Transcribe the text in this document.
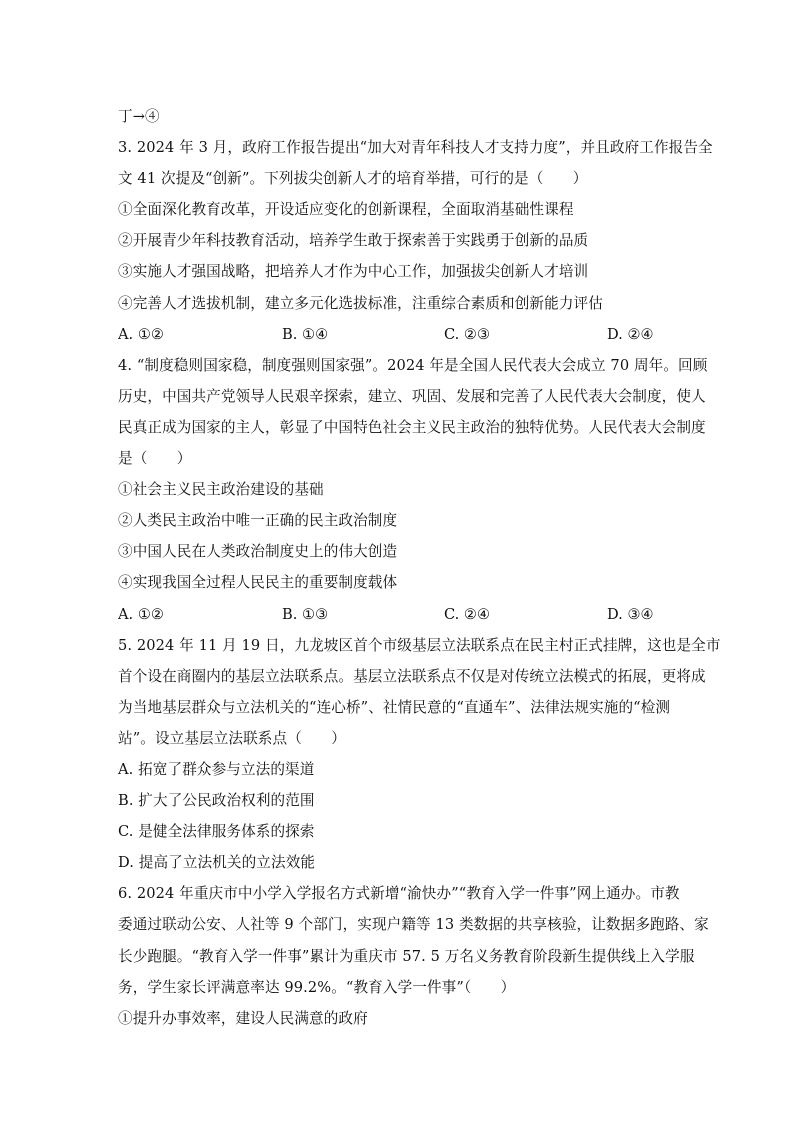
丁→④
3. 2024 年 3 月，政府工作报告提出“加大对青年科技人才支持力度”，并且政府工作报告全
文 41 次提及“创新”。下列拔尖创新人才的培育举措，可行的是（　　）
①全面深化教育改革，开设适应变化的创新课程，全面取消基础性课程
②开展青少年科技教育活动，培养学生敢于探索善于实践勇于创新的品质
③实施人才强国战略，把培养人才作为中心工作，加强拔尖创新人才培训
④完善人才选拔机制，建立多元化选拔标准，注重综合素质和创新能力评估
A. ①②	B. ①④	C. ②③	D. ②④
4. “制度稳则国家稳，制度强则国家强”。2024 年是全国人民代表大会成立 70 周年。回顾
历史，中国共产党领导人民艰辛探索，建立、巩固、发展和完善了人民代表大会制度，使人
民真正成为国家的主人，彰显了中国特色社会主义民主政治的独特优势。人民代表大会制度
是（　　）
①社会主义民主政治建设的基础
②人类民主政治中唯一正确的民主政治制度
③中国人民在人类政治制度史上的伟大创造
④实现我国全过程人民民主的重要制度载体
A. ①②	B. ①③	C. ②④	D. ③④
5. 2024 年 11 月 19 日，九龙坡区首个市级基层立法联系点在民主村正式挂牌，这也是全市
首个设在商圈内的基层立法联系点。基层立法联系点不仅是对传统立法模式的拓展，更将成
为当地基层群众与立法机关的“连心桥”、社情民意的“直通车”、法律法规实施的“检测
站”。设立基层立法联系点（　　）
A. 拓宽了群众参与立法的渠道
B. 扩大了公民政治权利的范围
C. 是健全法律服务体系的探索
D. 提高了立法机关的立法效能
6. 2024 年重庆市中小学入学报名方式新增“渝快办”“教育入学一件事”网上通办。市教
委通过联动公安、人社等 9 个部门，实现户籍等 13 类数据的共享核验，让数据多跑路、家
长少跑腿。“教育入学一件事”累计为重庆市 57. 5 万名义务教育阶段新生提供线上入学服
务，学生家长评满意率达 99.2%。“教育入学一件事”（　　）
①提升办事效率，建设人民满意的政府
